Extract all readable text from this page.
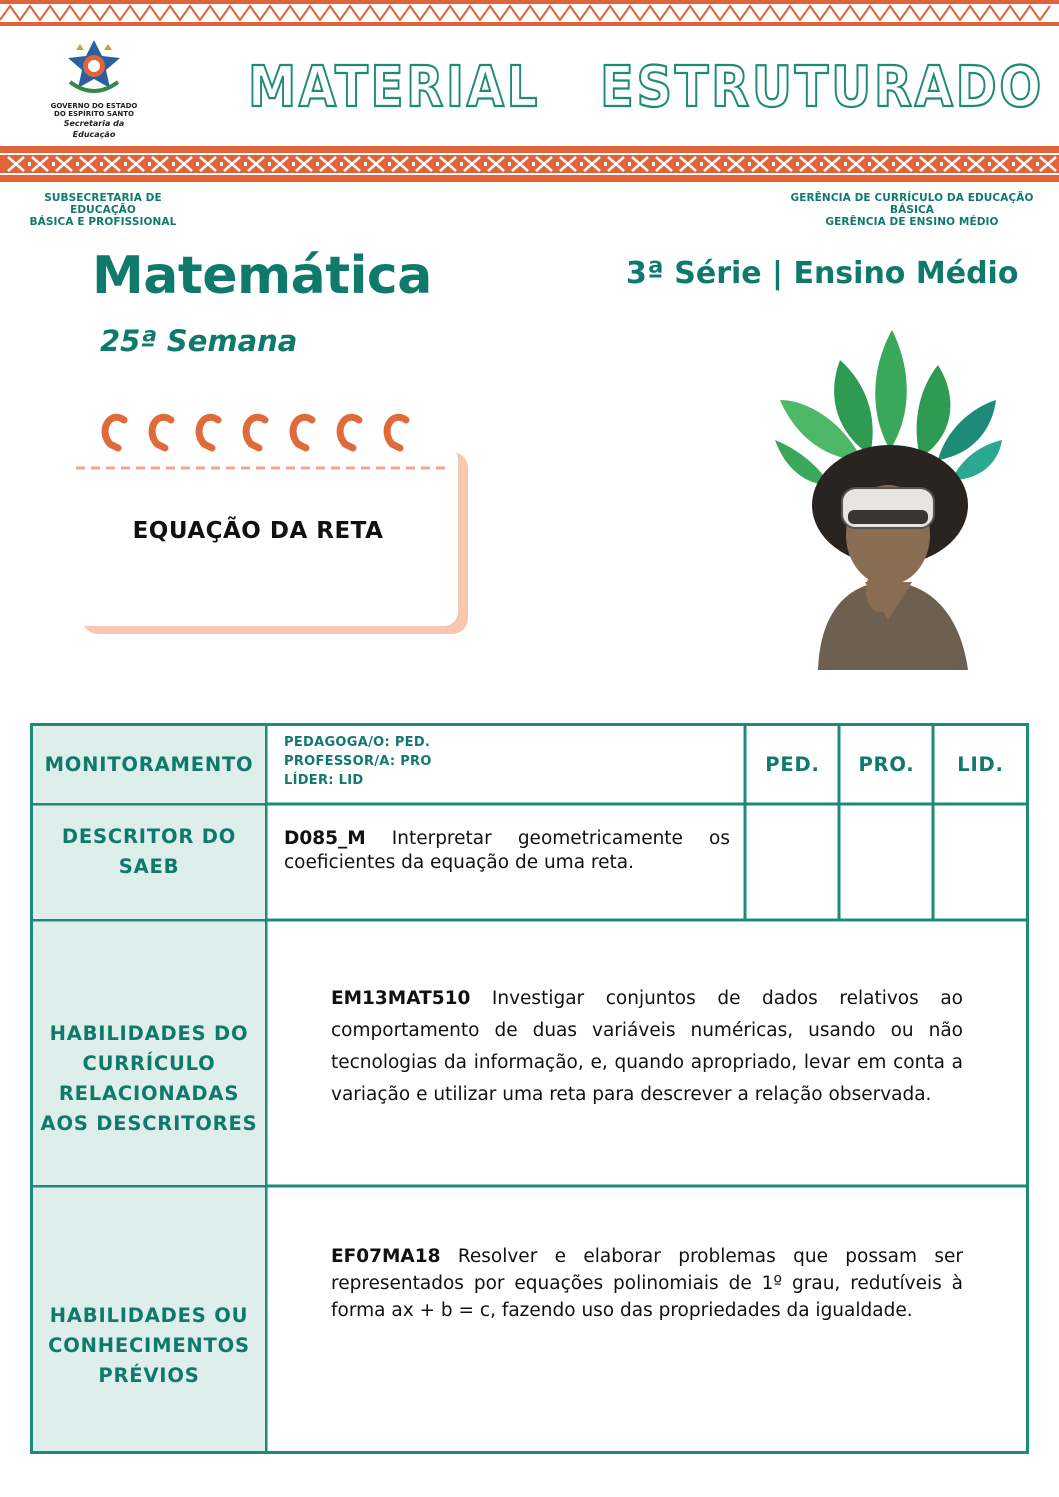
GOVERNO DO ESTADO
DO ESPÍRITO SANTO
Secretaria da Educação
MATERIAL ESTRUTURADO
SUBSECRETARIA DE EDUCAÇÃO
BÁSICA E PROFISSIONAL
GERÊNCIA DE CURRÍCULO DA EDUCAÇÃO BÁSICA
GERÊNCIA DE ENSINO MÉDIO
Matemática
25ª Semana
3ª Série | Ensino Médio
EQUAÇÃO DA RETA
MONITORAMENTO
PEDAGOGA/O: PED.
PROFESSOR/A: PRO
LÍDER: LID
PED.	PRO.	LID.
DESCRITOR DO SAEB
D085_M Interpretar geometricamente os coeficientes da equação de uma reta.
HABILIDADES DO
CURRÍCULO
RELACIONADAS
AOS DESCRITORES
EM13MAT510 Investigar conjuntos de dados relativos ao comportamento de duas variáveis numéricas, usando ou não tecnologias da informação, e, quando apropriado, levar em conta a variação e utilizar uma reta para descrever a relação observada.
HABILIDADES OU
CONHECIMENTOS
PRÉVIOS
EF07MA18 Resolver e elaborar problemas que possam ser representados por equações polinomiais de 1º grau, redutíveis à forma ax + b = c, fazendo uso das propriedades da igualdade.
